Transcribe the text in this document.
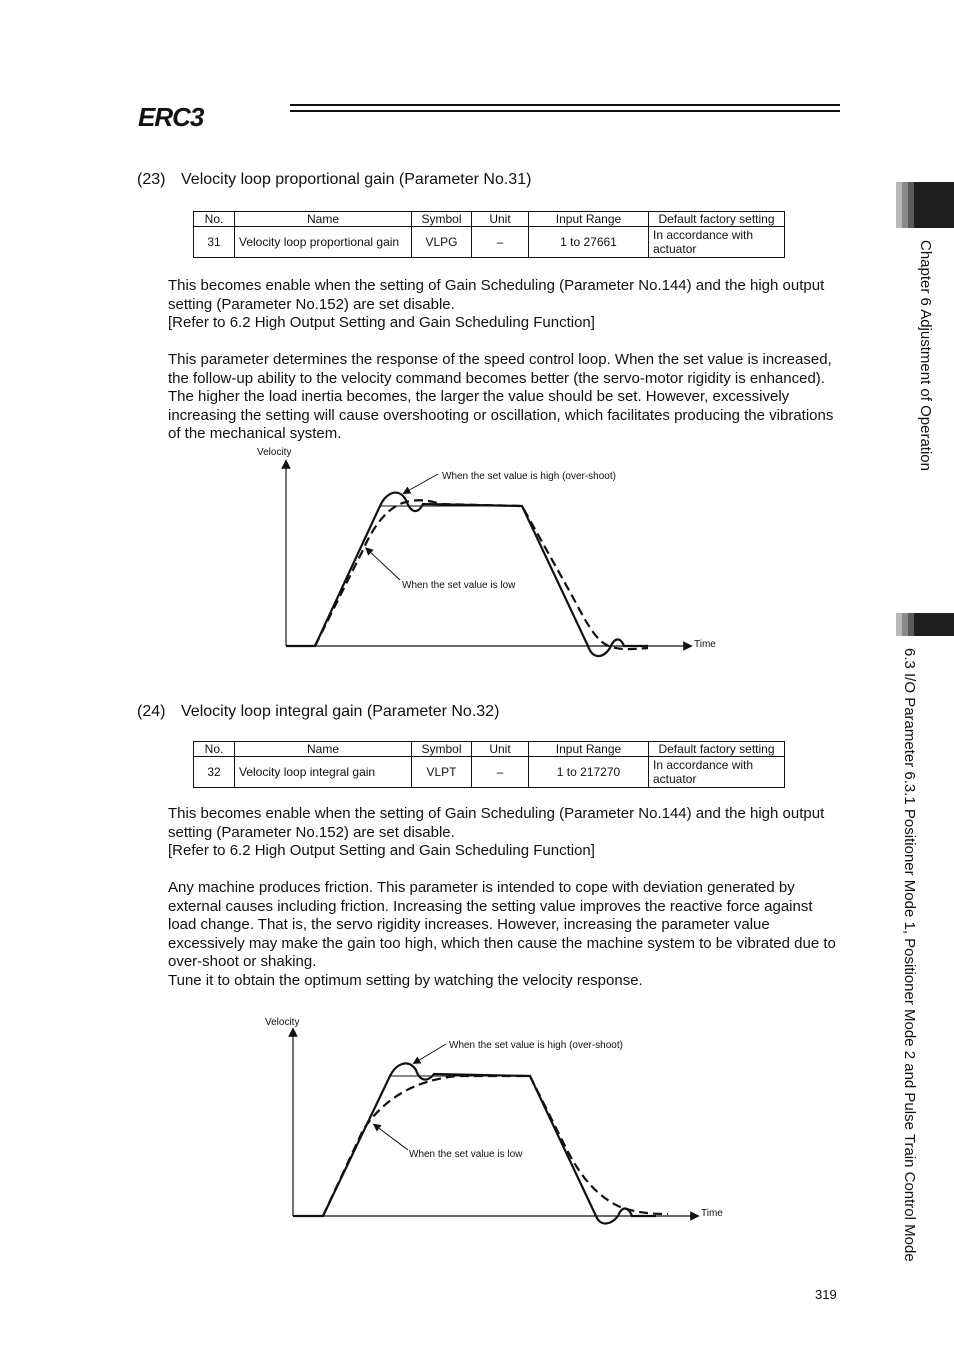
ERC3
Chapter 6 Adjustment of Operation
6.3 I/O Parameter 6.3.1 Positioner Mode 1, Positioner Mode 2 and Pulse Train Control Mode
(23) Velocity loop proportional gain (Parameter No.31)
No.	Name	Symbol	Unit	Input Range	Default factory setting
31	Velocity loop proportional gain	VLPG	–	1 to 27661	In accordance with actuator

This becomes enable when the setting of Gain Scheduling (Parameter No.144) and the high output setting (Parameter No.152) are set disable.

[Refer to 6.2 High Output Setting and Gain Scheduling Function]

This parameter determines the response of the speed control loop. When the set value is increased, the follow-up ability to the velocity command becomes better (the servo-motor rigidity is enhanced). The higher the load inertia becomes, the larger the value should be set. However, excessively increasing the setting will cause overshooting or oscillation, which facilitates producing the vibrations of the mechanical system.

Velocity
Time
When the set value is high (over-shoot)
When the set value is low
(24) Velocity loop integral gain (Parameter No.32)
No.	Name	Symbol	Unit	Input Range	Default factory setting
32	Velocity loop integral gain	VLPT	–	1 to 217270	In accordance with actuator

This becomes enable when the setting of Gain Scheduling (Parameter No.144) and the high output setting (Parameter No.152) are set disable.

[Refer to 6.2 High Output Setting and Gain Scheduling Function]

Any machine produces friction. This parameter is intended to cope with deviation generated by external causes including friction. Increasing the setting value improves the reactive force against load change. That is, the servo rigidity increases. However, increasing the parameter value excessively may make the gain too high, which then cause the machine system to be vibrated due to over-shoot or shaking.

Tune it to obtain the optimum setting by watching the velocity response.

Velocity
Time
When the set value is high (over-shoot)
When the set value is low
319
